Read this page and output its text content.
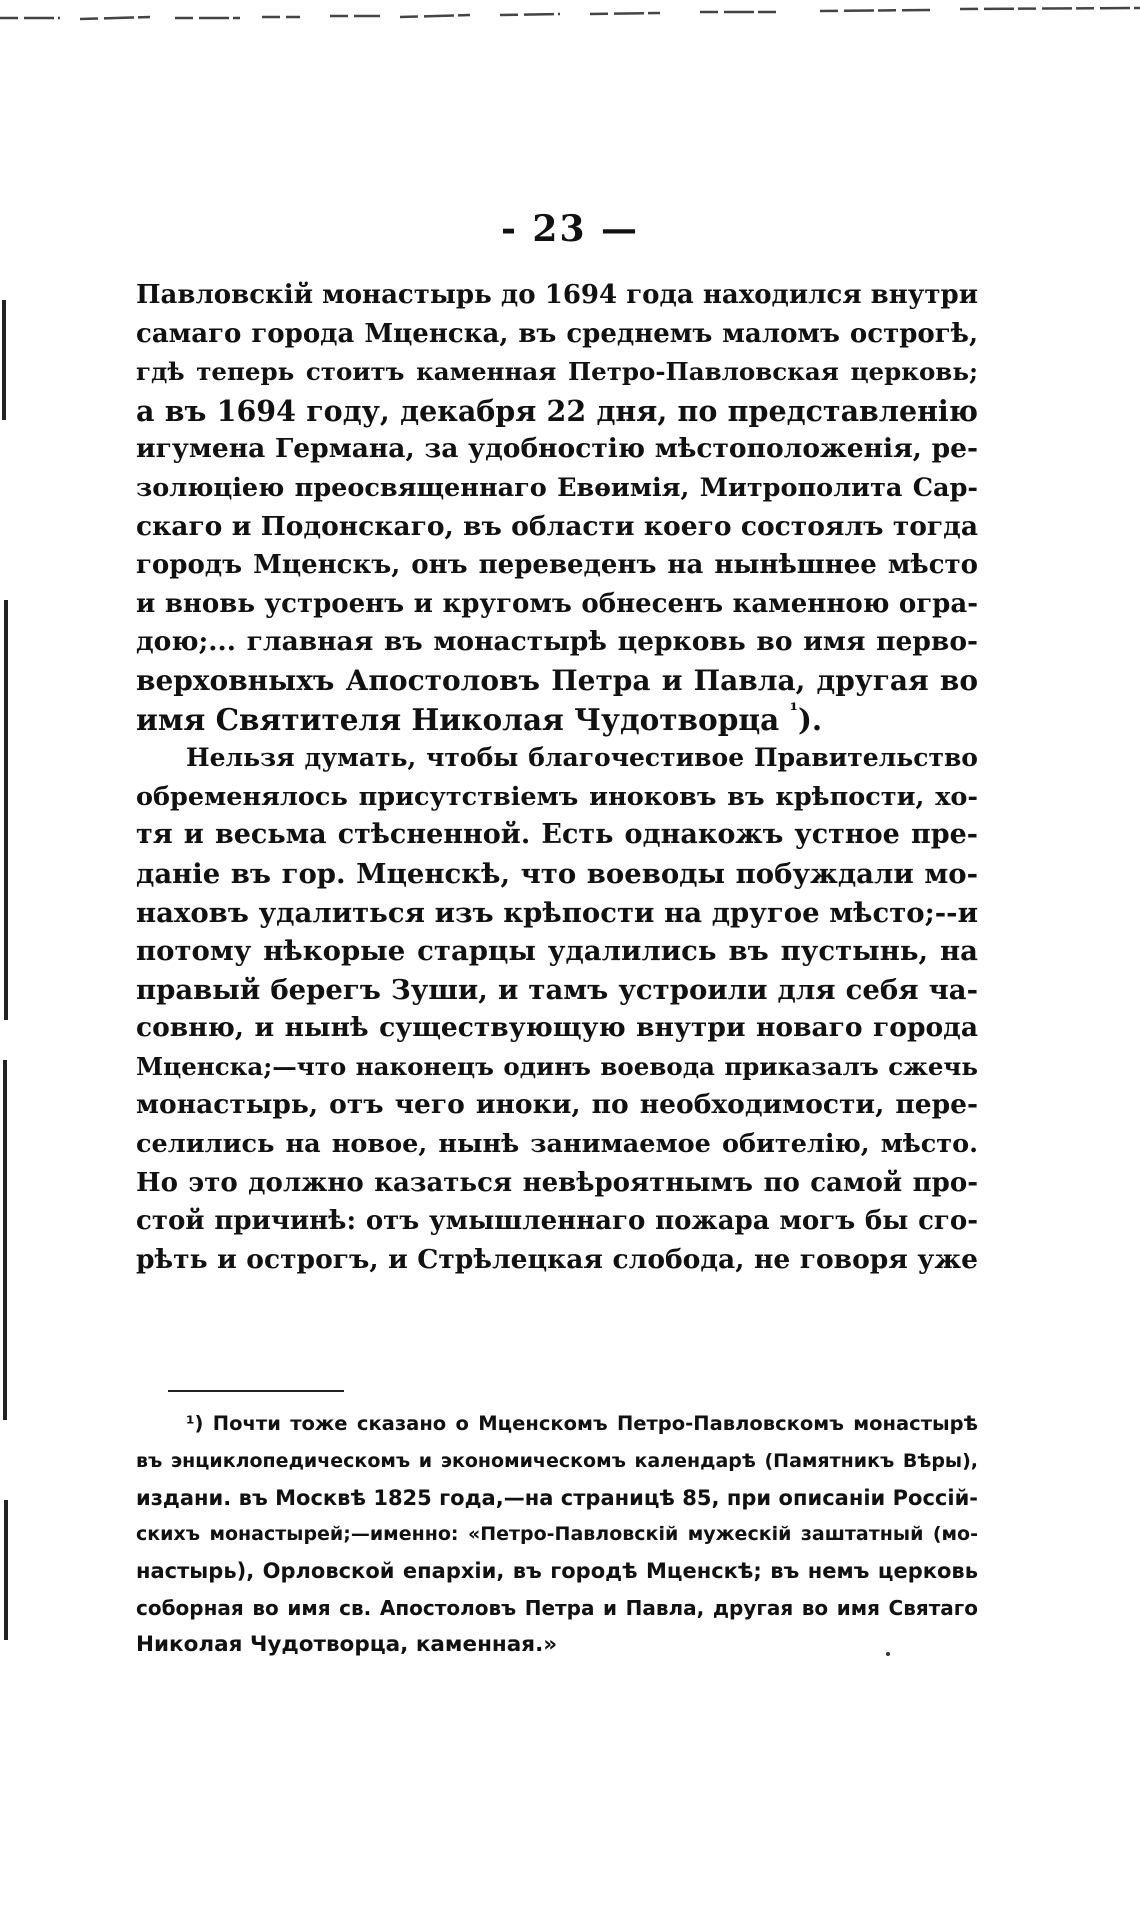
- 23 —

Павловскій монастырь до 1694 года находился внутри
самаго города Мценска, въ среднемъ маломъ острогѣ,
гдѣ теперь стоитъ каменная Петро-Павловская церковь;
а въ 1694 году, декабря 22 дня, по представленію
игумена Германа, за удобностію мѣстоположенія, ре-
золюціею преосвященнаго Евѳимія, Митрополита Сар-
скаго и Подонскаго, въ области коего состоялъ тогда
городъ Мценскъ, онъ переведенъ на нынѣшнее мѣсто
и вновь устроенъ и кругомъ обнесенъ каменною огра-
дою;... главная въ монастырѣ церковь во имя перво-
верховныхъ Апостоловъ Петра и Павла, другая во
имя Святителя Николая Чудотворца $^{^1}$).

Нельзя думать, чтобы благочестивое Правительство
обременялось присутствіемъ иноковъ въ крѣпости, хо-
тя и весьма стѣсненной. Есть однакожъ устное пре-
даніе въ гор. Мценскѣ, что воеводы побуждали мо-
наховъ удалиться изъ крѣпости на другое мѣсто;--и
потому нѣкорые старцы удалились въ пустынь, на
правый берегъ Зуши, и тамъ устроили для себя ча-
совню, и нынѣ существующую внутри новаго города
Мценска;—что наконецъ одинъ воевода приказалъ сжечь
монастырь, отъ чего иноки, по необходимости, пере-
селились на новое, нынѣ занимаемое обителію, мѣсто.
Но это должно казаться невѣроятнымъ по самой про-
стой причинѣ: отъ умышленнаго пожара могъ бы сго-
рѣть и острогъ, и Стрѣлецкая слобода, не говоря уже

¹) Почти тоже сказано о Мценскомъ Петро-Павловскомъ монастырѣ
въ энциклопедическомъ и экономическомъ календарѣ (Памятникъ Вѣры),
издани. въ Москвѣ 1825 года,—на страницѣ 85, при описаніи Россій-
скихъ монастырей;—именно: «Петро-Павловскій мужескій заштатный (мо-
настырь), Орловской епархіи, въ городѣ Мценскѣ; въ немъ церковь
соборная во имя св. Апостоловъ Петра и Павла, другая во имя Святаго
Николая Чудотворца, каменная.»
